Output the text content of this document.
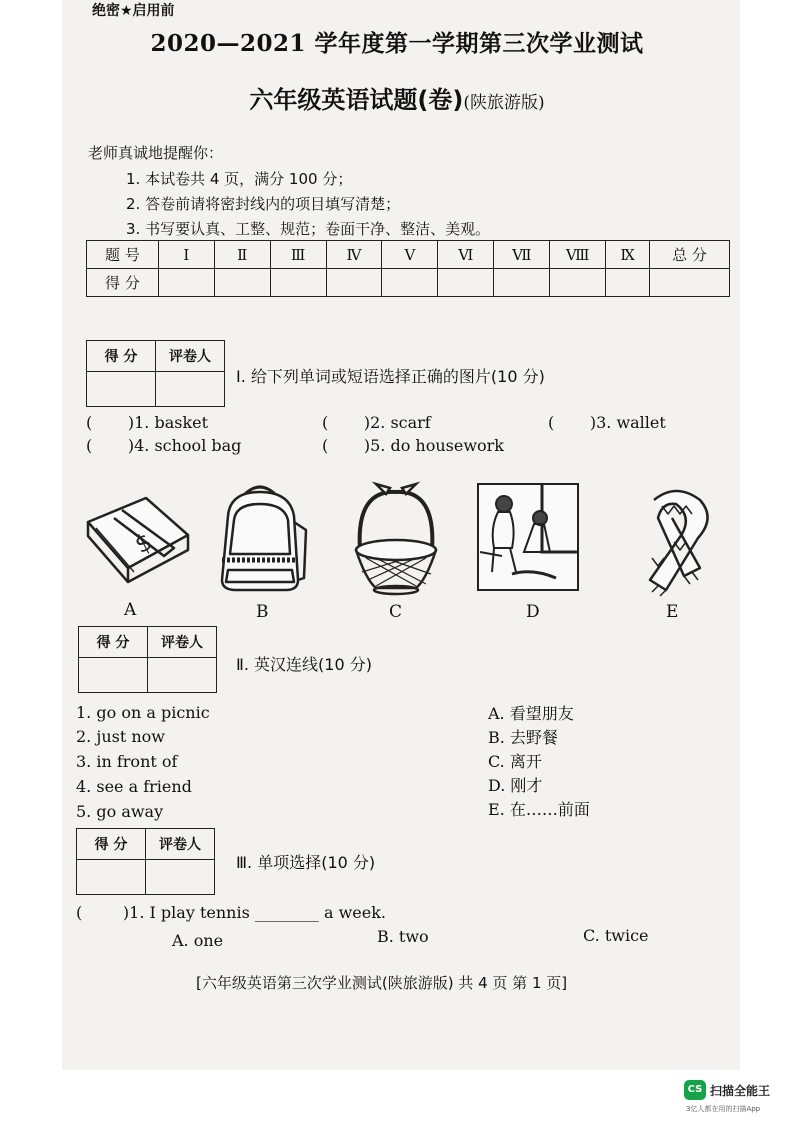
绝密★启用前
2020—2021 学年度第一学期第三次学业测试
六年级英语试题(卷)(陕旅游版)
老师真诚地提醒你：
1. 本试卷共 4 页，满分 100 分；
2. 答卷前请将密封线内的项目填写清楚；
3. 书写要认真、工整、规范；卷面干净、整洁、美观。
题 号	Ⅰ	Ⅱ	Ⅲ	Ⅳ	Ⅴ	Ⅵ	Ⅶ	Ⅷ	Ⅸ	总 分
得 分										
得 分	评卷人

Ⅰ. 给下列单词或短语选择正确的图片(10 分)
(       )1. basket	(       )2. scarf	(       )3. wallet
(       )4. school bag	(       )5. do housework
$
A	B	C	D	E
得 分	评卷人

Ⅱ. 英汉连线(10 分)
1. go on a picnic
2. just now
3. in front of
4. see a friend
5. go away
A. 看望朋友
B. 去野餐
C. 离开
D. 刚才
E. 在……前面
得 分	评卷人

Ⅲ. 单项选择(10 分)
(        )1. I play tennis ________ a week.
A. one	B. two	C. twice
[六年级英语第三次学业测试(陕旅游版) 共 4 页 第 1 页]
CS 扫描全能王
3亿人都在用的扫描App
